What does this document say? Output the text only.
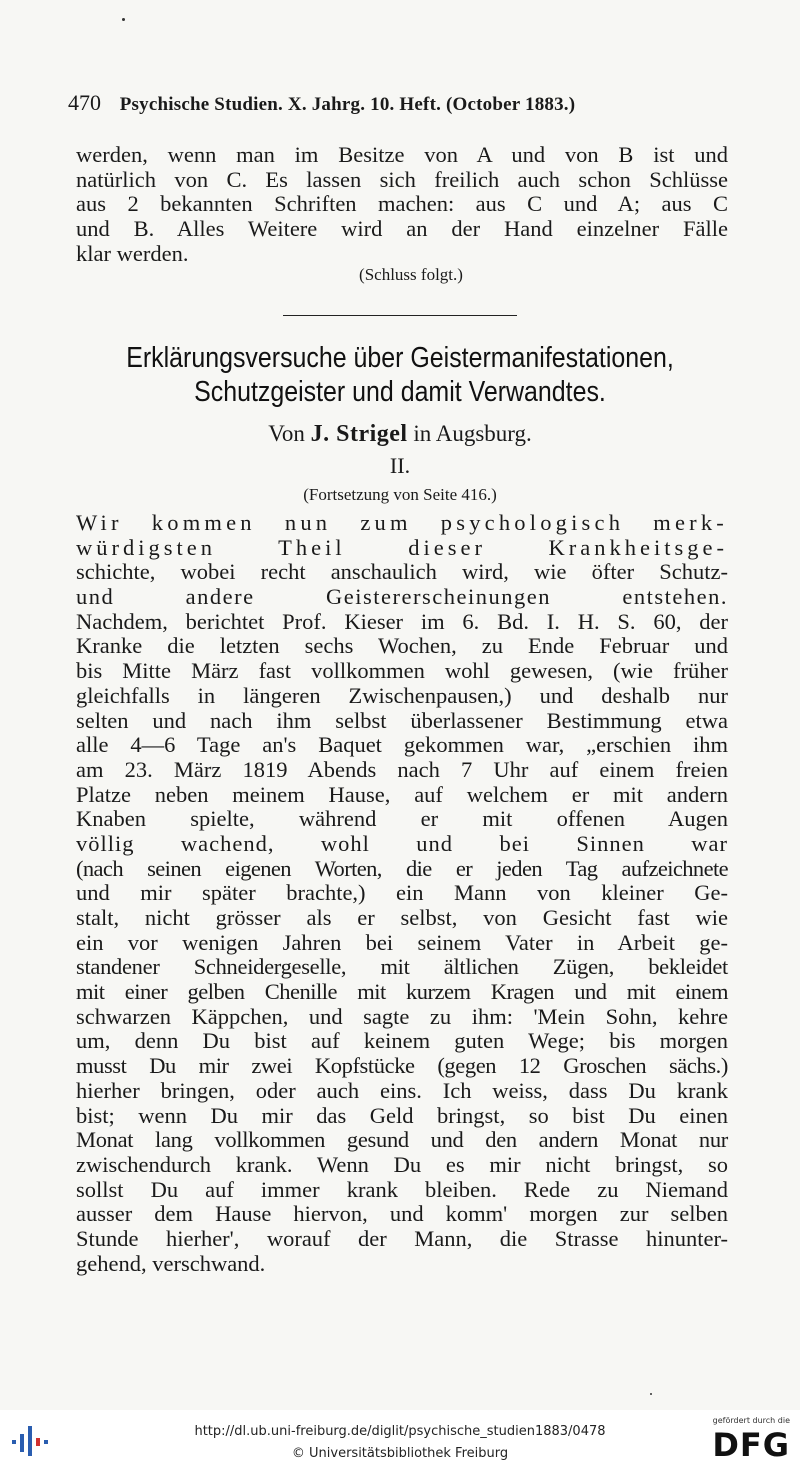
470 Psychische Studien. X. Jahrg. 10. Heft. (October 1883.)
werden, wenn man im Besitze von A und von B ist und
natürlich von C. Es lassen sich freilich auch schon Schlüsse
aus 2 bekannten Schriften machen: aus C und A; aus C
und B. Alles Weitere wird an der Hand einzelner Fälle
klar werden.
(Schluss folgt.)
Erklärungsversuche über Geistermanifestationen,
Schutzgeister und damit Verwandtes.
Von J. Strigel in Augsburg.
II.
(Fortsetzung von Seite 416.)
Wir kommen nun zum psychologisch merk-
würdigsten Theil dieser Krankheitsge-
schichte, wobei recht anschaulich wird, wie öfter Schutz-
und andere Geistererscheinungen entstehen.
Nachdem, berichtet Prof. Kieser im 6. Bd. I. H. S. 60, der
Kranke die letzten sechs Wochen, zu Ende Februar und
bis Mitte März fast vollkommen wohl gewesen, (wie früher
gleichfalls in längeren Zwischenpausen,) und deshalb nur
selten und nach ihm selbst überlassener Bestimmung etwa
alle 4—6 Tage an's Baquet gekommen war, „erschien ihm
am 23. März 1819 Abends nach 7 Uhr auf einem freien
Platze neben meinem Hause, auf welchem er mit andern
Knaben spielte, während er mit offenen Augen
völlig wachend, wohl und bei Sinnen war
(nach seinen eigenen Worten, die er jeden Tag aufzeichnete
und mir später brachte,) ein Mann von kleiner Ge-
stalt, nicht grösser als er selbst, von Gesicht fast wie
ein vor wenigen Jahren bei seinem Vater in Arbeit ge-
standener Schneidergeselle, mit ältlichen Zügen, bekleidet
mit einer gelben Chenille mit kurzem Kragen und mit einem
schwarzen Käppchen, und sagte zu ihm: 'Mein Sohn, kehre
um, denn Du bist auf keinem guten Wege; bis morgen
musst Du mir zwei Kopfstücke (gegen 12 Groschen sächs.)
hierher bringen, oder auch eins. Ich weiss, dass Du krank
bist; wenn Du mir das Geld bringst, so bist Du einen
Monat lang vollkommen gesund und den andern Monat nur
zwischendurch krank. Wenn Du es mir nicht bringst, so
sollst Du auf immer krank bleiben. Rede zu Niemand
ausser dem Hause hiervon, und komm' morgen zur selben
Stunde hierher', worauf der Mann, die Strasse hinunter-
gehend, verschwand.
http://dl.ub.uni-freiburg.de/diglit/psychische_studien1883/0478
© Universitätsbibliothek Freiburg
gefördert durch die
DFG
